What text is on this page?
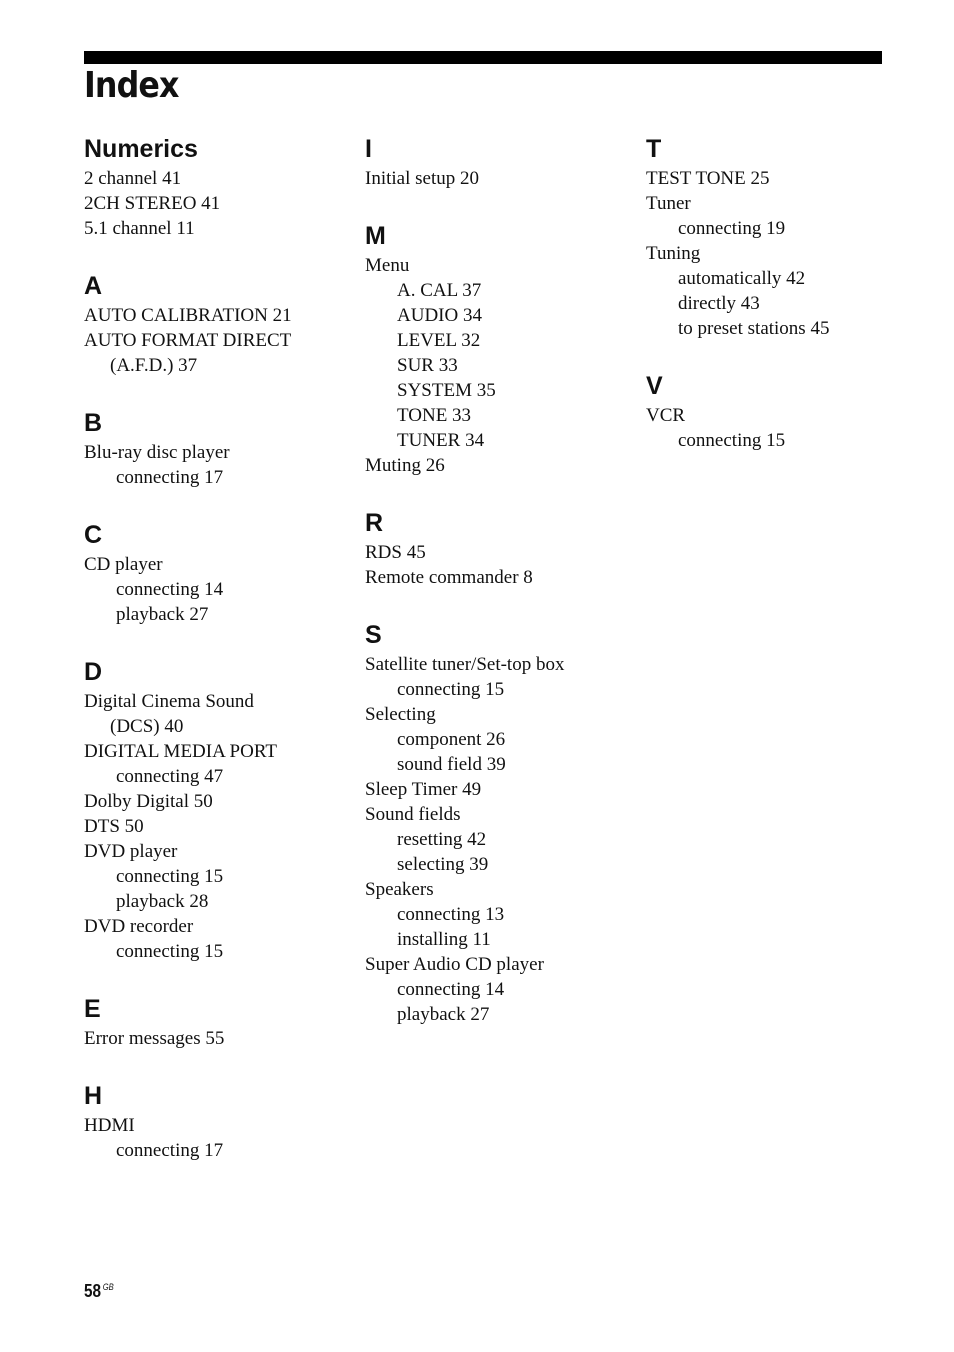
Index
Numerics
2 channel 41
2CH STEREO 41
5.1 channel 11
A
AUTO CALIBRATION 21
AUTO FORMAT DIRECT
(A.F.D.) 37
B
Blu-ray disc player
connecting 17
C
CD player
connecting 14
playback 27
D
Digital Cinema Sound
(DCS) 40
DIGITAL MEDIA PORT
connecting 47
Dolby Digital 50
DTS 50
DVD player
connecting 15
playback 28
DVD recorder
connecting 15
E
Error messages 55
H
HDMI
connecting 17
I
Initial setup 20
M
Menu
A. CAL 37
AUDIO 34
LEVEL 32
SUR 33
SYSTEM 35
TONE 33
TUNER 34
Muting 26
R
RDS 45
Remote commander 8
S
Satellite tuner/Set-top box
connecting 15
Selecting
component 26
sound field 39
Sleep Timer 49
Sound fields
resetting 42
selecting 39
Speakers
connecting 13
installing 11
Super Audio CD player
connecting 14
playback 27
T
TEST TONE 25
Tuner
connecting 19
Tuning
automatically 42
directly 43
to preset stations 45
V
VCR
connecting 15
58 $^{GB}$
